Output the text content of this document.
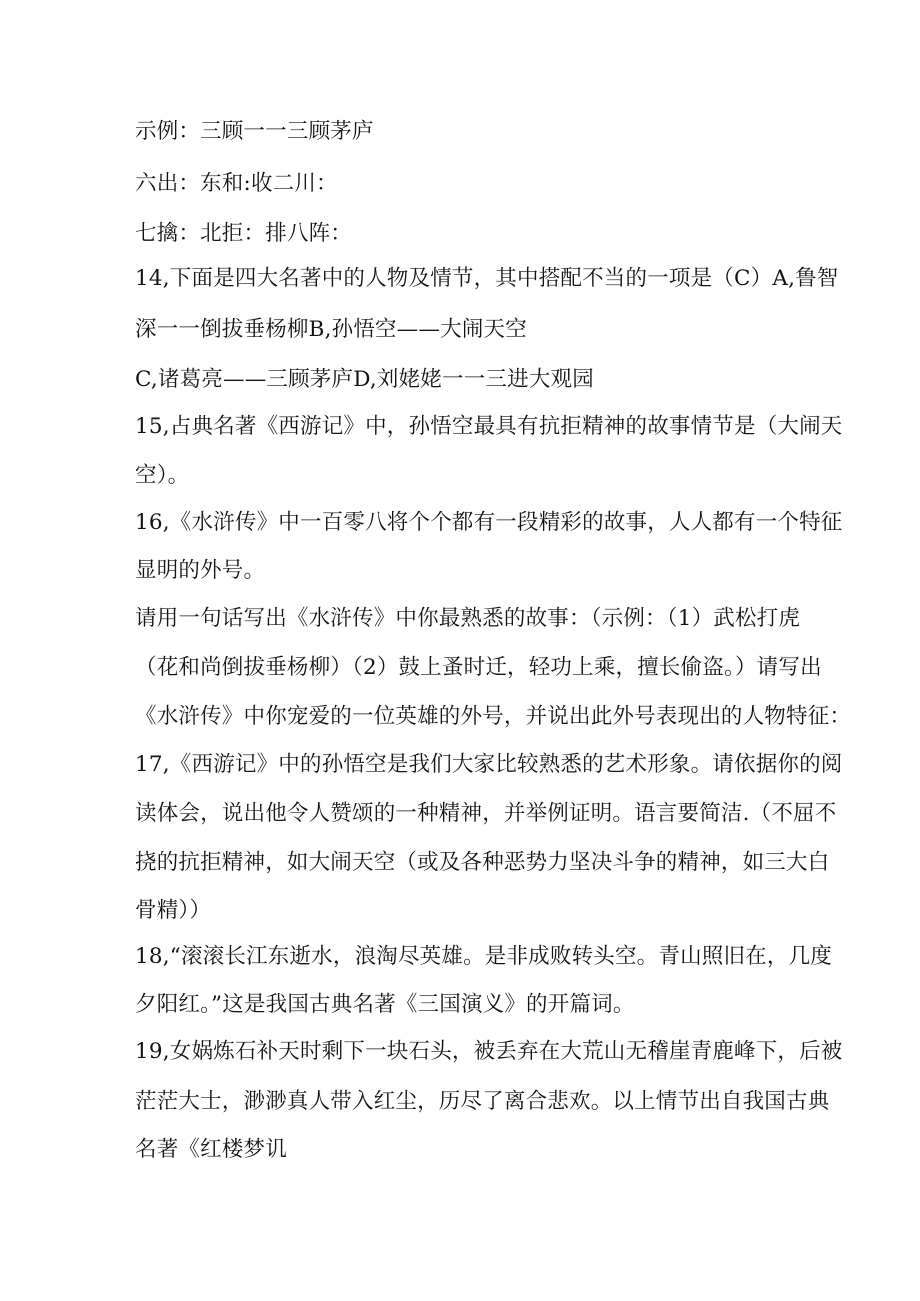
示例：三顾一一三顾茅庐
六出：东和:收二川：
七擒：北拒：排八阵：
14,下面是四大名著中的人物及情节，其中搭配不当的一项是（C）A,鲁智
深一一倒拔垂杨柳B,孙悟空——大闹天空
C,诸葛亮——三顾茅庐D,刘姥姥一一三进大观园
15,占典名著《西游记》中，孙悟空最具有抗拒精神的故事情节是（大闹天
空）。
16,《水浒传》中一百零八将个个都有一段精彩的故事，人人都有一个特征
显明的外号。
请用一句话写出《水浒传》中你最熟悉的故事：（示例：（1）武松打虎
（花和尚倒拔垂杨柳）（2）鼓上蚤时迁，轻功上乘，擅长偷盗。）请写出
《水浒传》中你宠爱的一位英雄的外号，并说出此外号表现出的人物特征：
17,《西游记》中的孙悟空是我们大家比较熟悉的艺术形象。请依据你的阅
读体会，说出他令人赞颂的一种精神，并举例证明。语言要简洁.（不屈不
挠的抗拒精神，如大闹天空（或及各种恶势力坚决斗争的精神，如三大白
骨精））
18,“滚滚长江东逝水，浪淘尽英雄。是非成败转头空。青山照旧在，几度
夕阳红。”这是我国古典名著《三国演义》的开篇词。
19,女娲炼石补天时剩下一块石头，被丢弃在大荒山无稽崖青鹿峰下，后被
茫茫大士，渺渺真人带入红尘，历尽了离合悲欢。以上情节出自我国古典
名著《红楼梦讥
